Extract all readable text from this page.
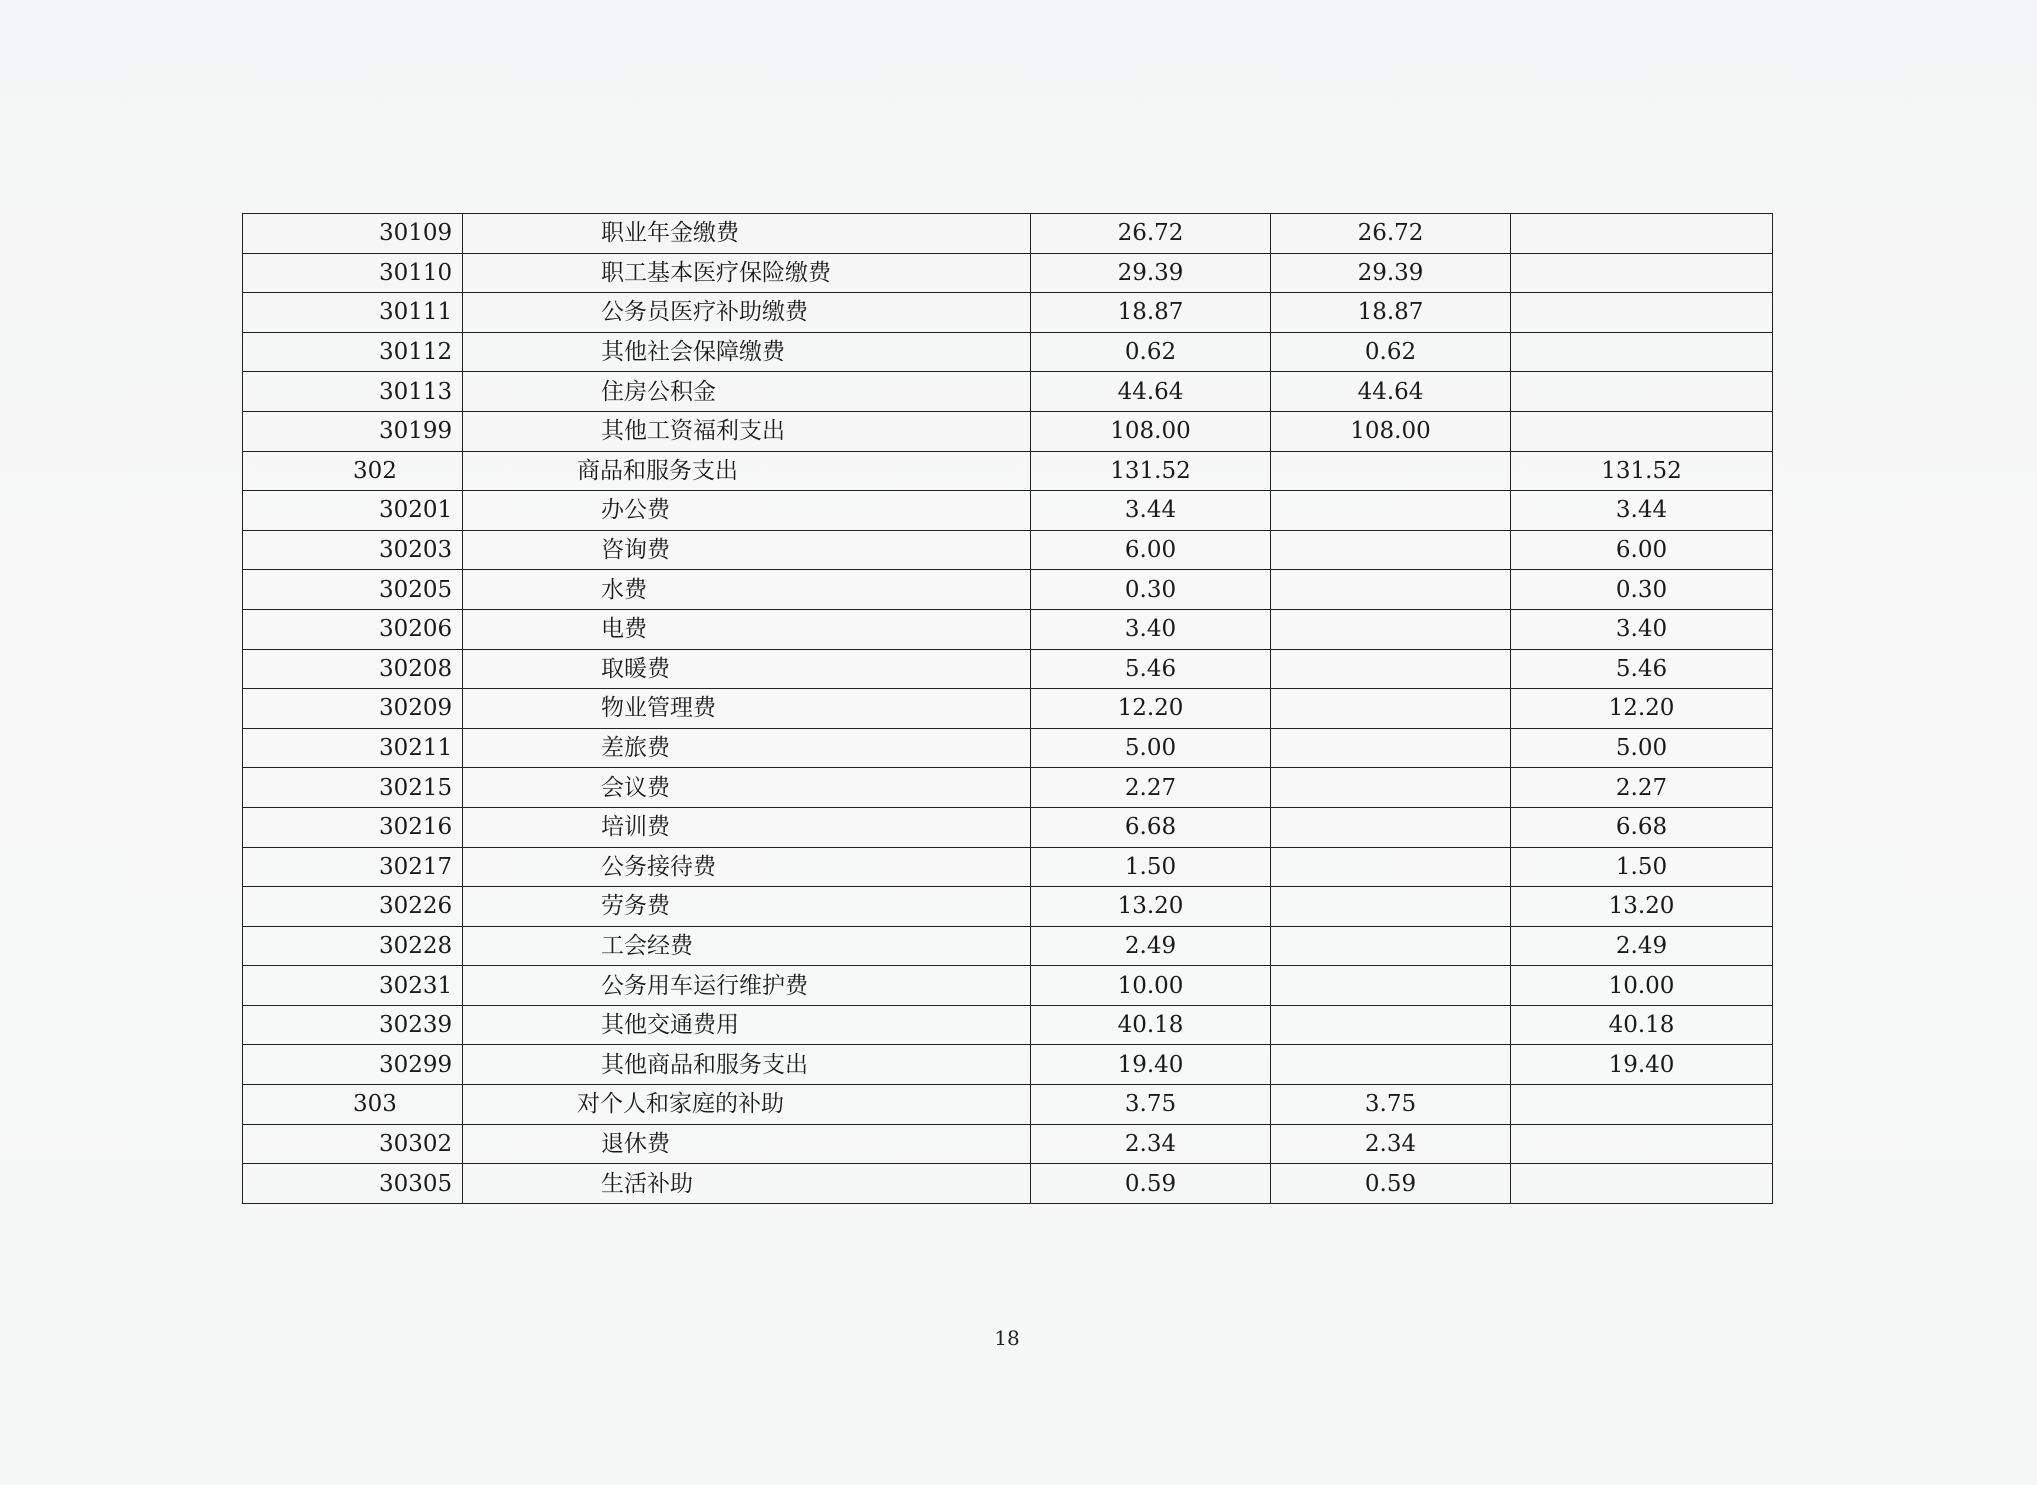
30109	职业年金缴费	26.72	26.72	
30110	职工基本医疗保险缴费	29.39	29.39	
30111	公务员医疗补助缴费	18.87	18.87	
30112	其他社会保障缴费	0.62	0.62	
30113	住房公积金	44.64	44.64	
30199	其他工资福利支出	108.00	108.00	
302	商品和服务支出	131.52		131.52
30201	办公费	3.44		3.44
30203	咨询费	6.00		6.00
30205	水费	0.30		0.30
30206	电费	3.40		3.40
30208	取暖费	5.46		5.46
30209	物业管理费	12.20		12.20
30211	差旅费	5.00		5.00
30215	会议费	2.27		2.27
30216	培训费	6.68		6.68
30217	公务接待费	1.50		1.50
30226	劳务费	13.20		13.20
30228	工会经费	2.49		2.49
30231	公务用车运行维护费	10.00		10.00
30239	其他交通费用	40.18		40.18
30299	其他商品和服务支出	19.40		19.40
303	对个人和家庭的补助	3.75	3.75	
30302	退休费	2.34	2.34	
30305	生活补助	0.59	0.59	
18
